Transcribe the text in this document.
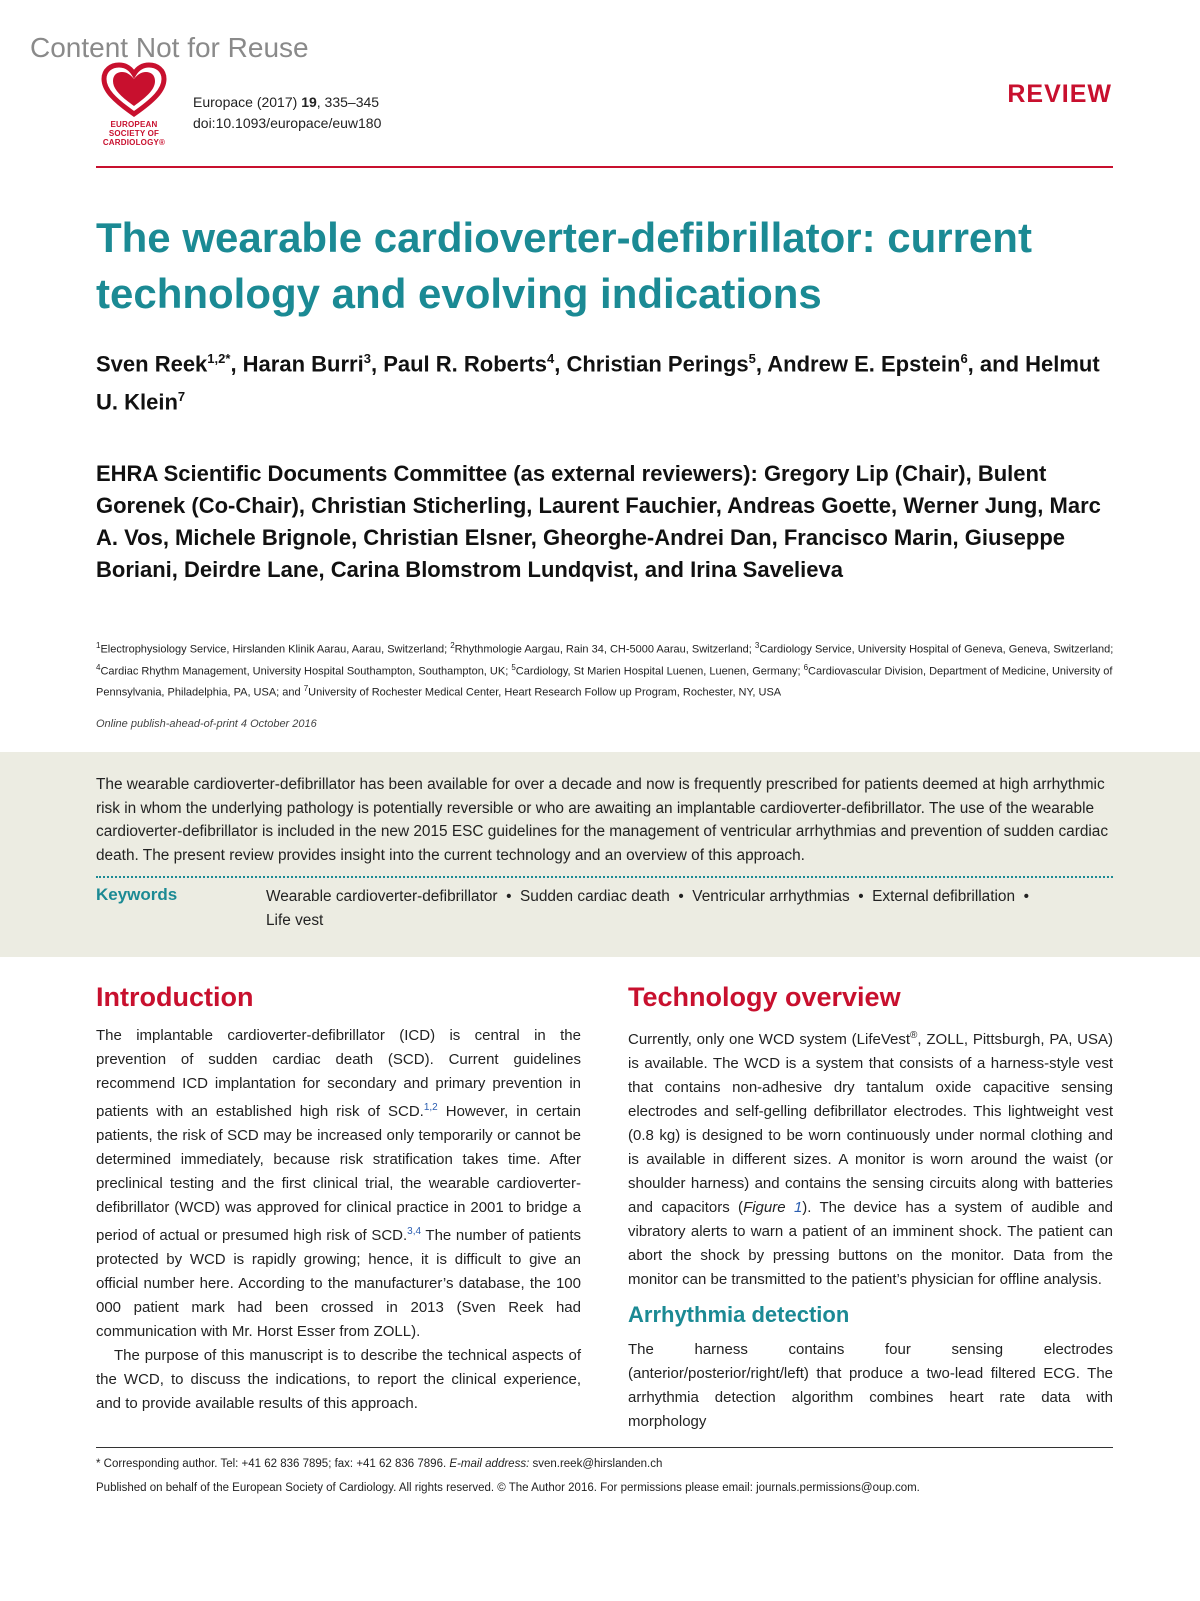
Content Not for Reuse
EUROPEAN SOCIETY OF CARDIOLOGY®
Europace (2017) 19, 335–345
doi:10.1093/europace/euw180
REVIEW
The wearable cardioverter-defibrillator: current technology and evolving indications
Sven Reek$^{1,2*}$, Haran Burri$^3$, Paul R. Roberts$^4$, Christian Perings$^5$, Andrew E. Epstein$^6$, and Helmut U. Klein$^7$
EHRA Scientific Documents Committee (as external reviewers): Gregory Lip (Chair), Bulent Gorenek (Co-Chair), Christian Sticherling, Laurent Fauchier, Andreas Goette, Werner Jung, Marc A. Vos, Michele Brignole, Christian Elsner, Gheorghe-Andrei Dan, Francisco Marin, Giuseppe Boriani, Deirdre Lane, Carina Blomstrom Lundqvist, and Irina Savelieva
$^1$Electrophysiology Service, Hirslanden Klinik Aarau, Aarau, Switzerland; $^2$Rhythmologie Aargau, Rain 34, CH-5000 Aarau, Switzerland; $^3$Cardiology Service, University Hospital of Geneva, Geneva, Switzerland; $^4$Cardiac Rhythm Management, University Hospital Southampton, Southampton, UK; $^5$Cardiology, St Marien Hospital Luenen, Luenen, Germany; $^6$Cardiovascular Division, Department of Medicine, University of Pennsylvania, Philadelphia, PA, USA; and $^7$University of Rochester Medical Center, Heart Research Follow up Program, Rochester, NY, USA
Online publish-ahead-of-print 4 October 2016

The wearable cardioverter-defibrillator has been available for over a decade and now is frequently prescribed for patients deemed at high arrhythmic risk in whom the underlying pathology is potentially reversible or who are awaiting an implantable cardioverter-defibrillator. The use of the wearable cardioverter-defibrillator is included in the new 2015 ESC guidelines for the management of ventricular arrhythmias and prevention of sudden cardiac death. The present review provides insight into the current technology and an overview of this approach.

Keywords	Wearable cardioverter-defibrillator  •  Sudden cardiac death  •  Ventricular arrhythmias  •  External defibrillation  •
Life vest
Introduction

The implantable cardioverter-defibrillator (ICD) is central in the prevention of sudden cardiac death (SCD). Current guidelines recommend ICD implantation for secondary and primary prevention in patients with an established high risk of SCD.$^{1,2}$ However, in certain patients, the risk of SCD may be increased only temporarily or cannot be determined immediately, because risk stratification takes time. After preclinical testing and the first clinical trial, the wearable cardioverter-defibrillator (WCD) was approved for clinical practice in 2001 to bridge a period of actual or presumed high risk of SCD.$^{3,4}$ The number of patients protected by WCD is rapidly growing; hence, it is difficult to give an official number here. According to the manufacturer’s database, the 100 000 patient mark had been crossed in 2013 (Sven Reek had communication with Mr. Horst Esser from ZOLL).

The purpose of this manuscript is to describe the technical aspects of the WCD, to discuss the indications, to report the clinical experience, and to provide available results of this approach.

Technology overview

Currently, only one WCD system (LifeVest®, ZOLL, Pittsburgh, PA, USA) is available. The WCD is a system that consists of a harness-style vest that contains non-adhesive dry tantalum oxide capacitive sensing electrodes and self-gelling defibrillator electrodes. This lightweight vest (0.8 kg) is designed to be worn continuously under normal clothing and is available in different sizes. A monitor is worn around the waist (or shoulder harness) and contains the sensing circuits along with batteries and capacitors (Figure 1). The device has a system of audible and vibratory alerts to warn a patient of an imminent shock. The patient can abort the shock by pressing buttons on the monitor. Data from the monitor can be transmitted to the patient’s physician for offline analysis.

Arrhythmia detection

The harness contains four sensing electrodes (anterior/posterior/right/left) that produce a two-lead filtered ECG. The arrhythmia detection algorithm combines heart rate data with morphology

* Corresponding author. Tel: +41 62 836 7895; fax: +41 62 836 7896. E-mail address: sven.reek@hirslanden.ch
Published on behalf of the European Society of Cardiology. All rights reserved. © The Author 2016. For permissions please email: journals.permissions@oup.com.
